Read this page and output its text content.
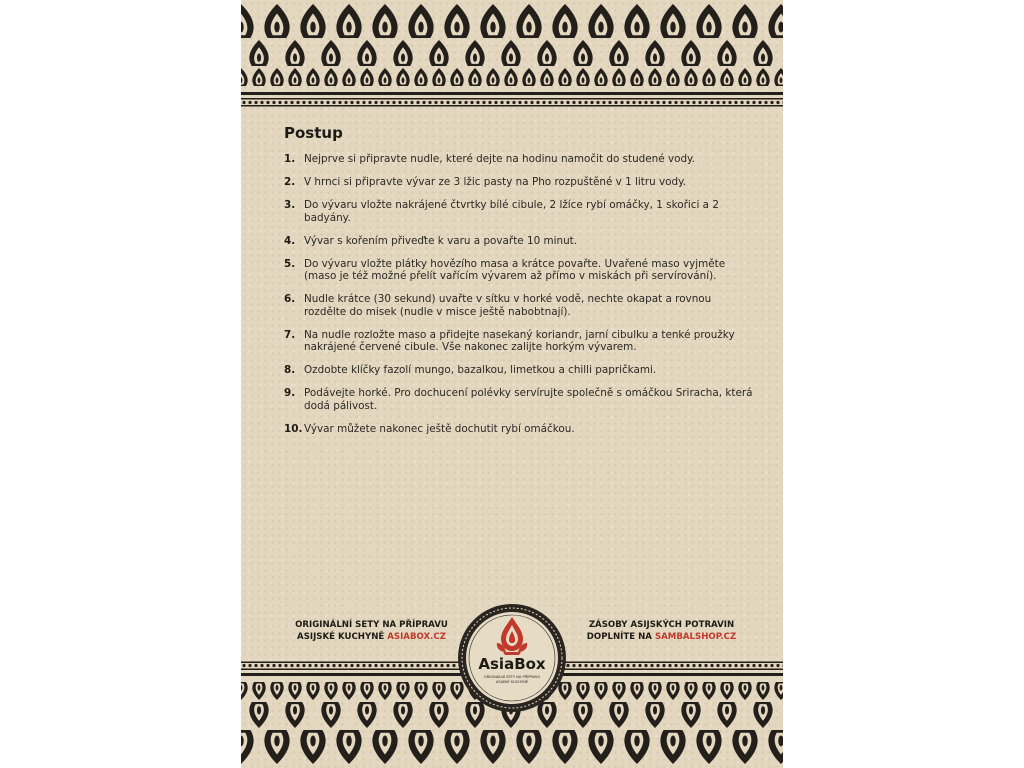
Postup
1. Nejprve si připravte nudle, které dejte na hodinu namočit do studené vody.
2. V hrnci si připravte vývar ze 3 lžic pasty na Pho rozpuštěné v 1 litru vody.
3. Do vývaru vložte nakrájené čtvrtky bílé cibule, 2 lžíce rybí omáčky, 1 skořici a 2 badyány.
4. Vývar s kořením přiveďte k varu a povařte 10 minut.
5. Do vývaru vložte plátky hovězího masa a krátce povařte. Uvařené maso vyjměte (maso je též možné přelít vařícím vývarem až přímo v miskách při servírování).
6. Nudle krátce (30 sekund) uvařte v sítku v horké vodě, nechte okapat a rovnou rozdělte do misek (nudle v misce ještě nabobtnají).
7. Na nudle rozložte maso a přidejte nasekaný koriandr, jarní cibulku a tenké proužky nakrájené červené cibule. Vše nakonec zalijte horkým vývarem.
8. Ozdobte klíčky fazolí mungo, bazalkou, limetkou a chilli papričkami.
9. Podávejte horké. Pro dochucení polévky servírujte společně s omáčkou Sriracha, která dodá pálivost.
10. Vývar můžete nakonec ještě dochutit rybí omáčkou.
ORIGINÁLNÍ SETY NA PŘÍPRAVU
ASIJSKÉ KUCHYNĚ ASIABOX.CZ
ZÁSOBY ASIJSKÝCH POTRAVIN
DOPLNÍTE NA SAMBALSHOP.CZ
AsiaBox
ORIGINÁLNÍ SETY NA PŘÍPRAVU ASIJSKÉ KUCHYNĚ
